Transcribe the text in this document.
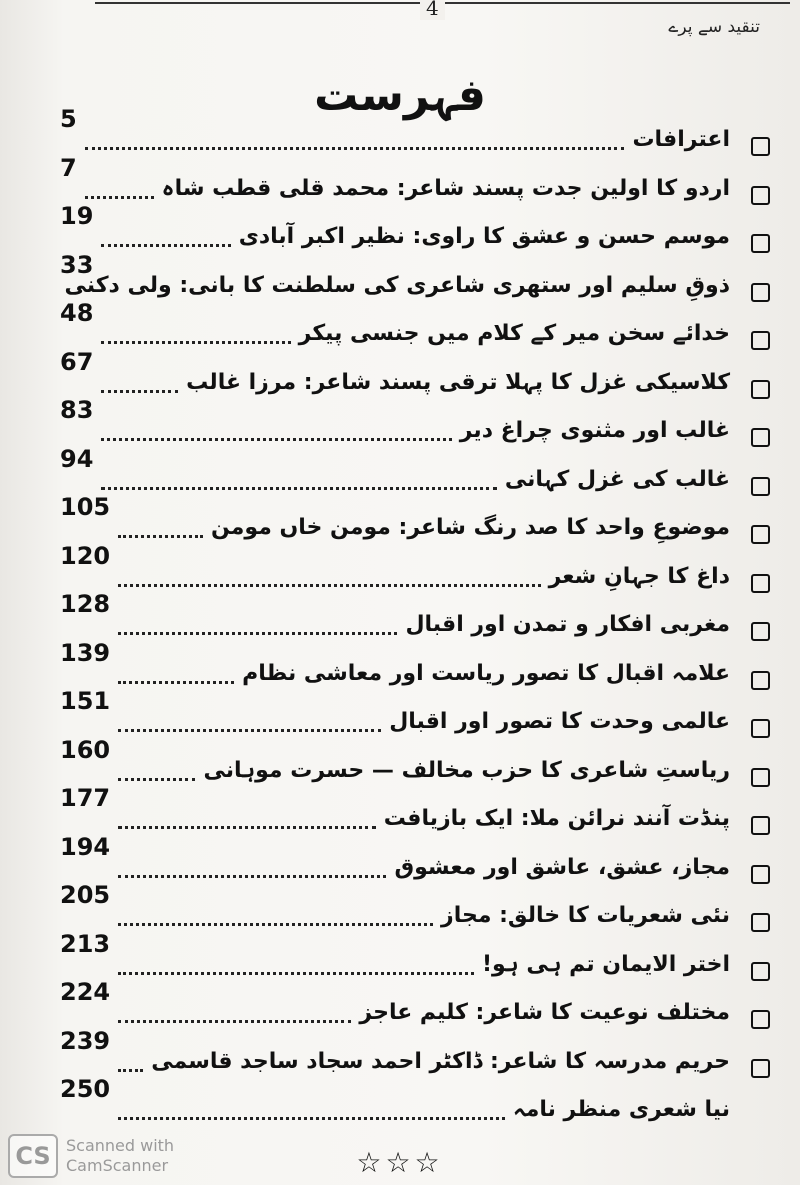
4
تنقید سے پرے
فہرست
5
اعترافات
7
اردو کا اولین جدت پسند شاعر: محمد قلی قطب شاہ
19
موسم حسن و عشق کا راوی: نظیر اکبر آبادی
33
ذوقِ سلیم اور ستھری شاعری کی سلطنت کا بانی: ولی دکنی
48
خدائے سخن میر کے کلام میں جنسی پیکر
67
کلاسیکی غزل کا پہلا ترقی پسند شاعر: مرزا غالب
83
غالب اور مثنوی چراغ دیر
94
غالب کی غزل کہانی
105
موضوعِ واحد کا صد رنگ شاعر: مومن خاں مومن
120
داغ کا جہانِ شعر
128
مغربی افکار و تمدن اور اقبال
139
علامہ اقبال کا تصور ریاست اور معاشی نظام
151
عالمی وحدت کا تصور اور اقبال
160
ریاستِ شاعری کا حزب مخالف — حسرت موہانی
177
پنڈت آنند نرائن ملا: ایک بازیافت
194
مجاز، عشق، عاشق اور معشوق
205
نئی شعریات کا خالق: مجاز
213
اختر الایمان تم ہی ہو!
224
مختلف نوعیت کا شاعر: کلیم عاجز
239
حریم مدرسہ کا شاعر: ڈاکٹر احمد سجاد ساجد قاسمی
250
نیا شعری منظر نامہ
☆☆☆
CS Scanned with
CamScanner
